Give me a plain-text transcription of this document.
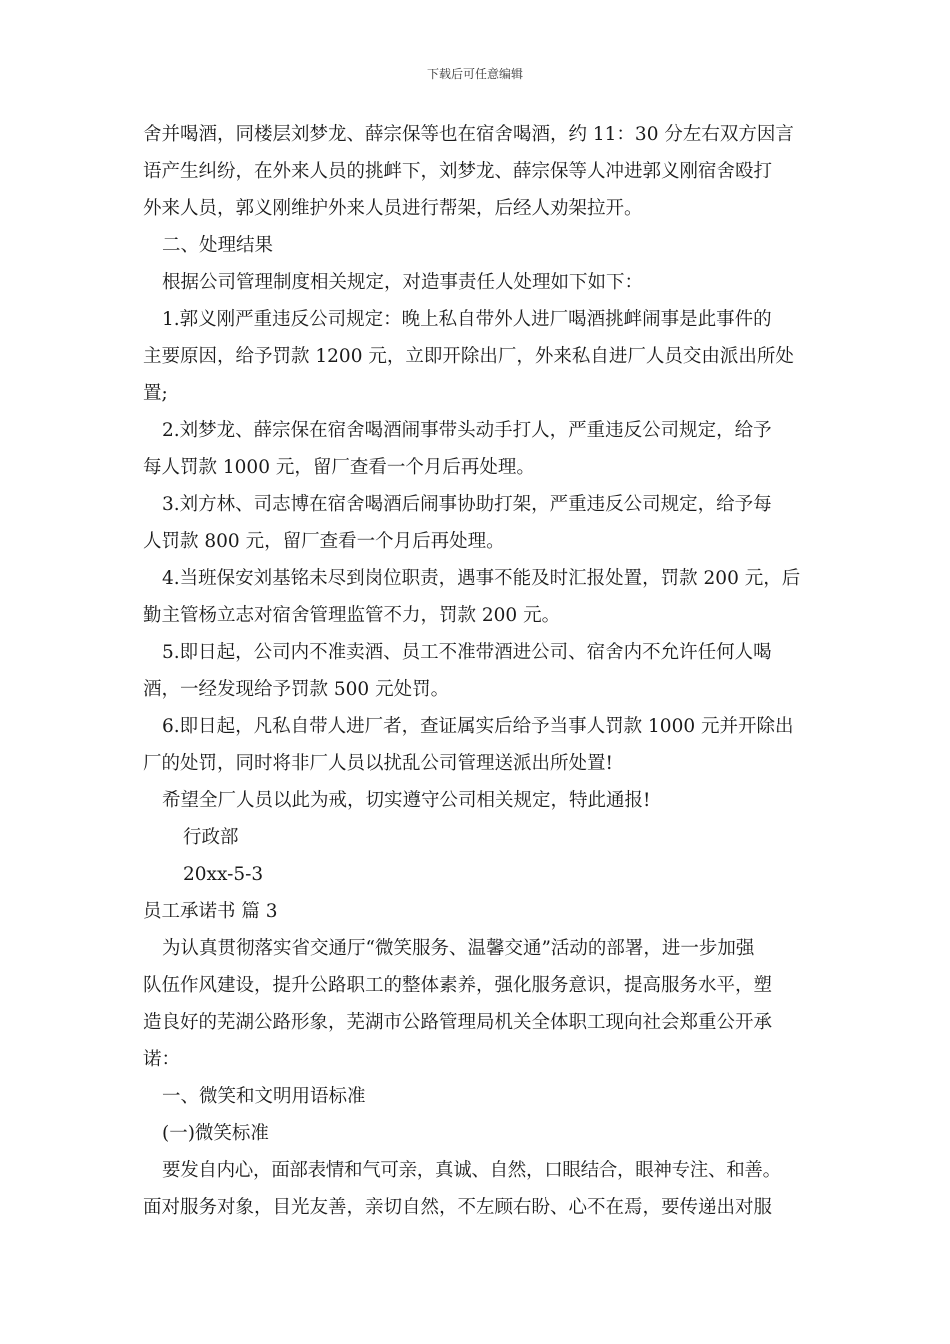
下载后可任意编辑
舍并喝酒，同楼层刘梦龙、薛宗保等也在宿舍喝酒，约 11：30 分左右双方因言
语产生纠纷，在外来人员的挑衅下，刘梦龙、薛宗保等人冲进郭义刚宿舍殴打
外来人员，郭义刚维护外来人员进行帮架，后经人劝架拉开。
二、处理结果
根据公司管理制度相关规定，对造事责任人处理如下如下：
1.郭义刚严重违反公司规定：晚上私自带外人进厂喝酒挑衅闹事是此事件的
主要原因，给予罚款 1200 元，立即开除出厂，外来私自进厂人员交由派出所处
置;
2.刘梦龙、薛宗保在宿舍喝酒闹事带头动手打人，严重违反公司规定，给予
每人罚款 1000 元，留厂查看一个月后再处理。
3.刘方林、司志博在宿舍喝酒后闹事协助打架，严重违反公司规定，给予每
人罚款 800 元，留厂查看一个月后再处理。
4.当班保安刘基铭未尽到岗位职责，遇事不能及时汇报处置，罚款 200 元，后
勤主管杨立志对宿舍管理监管不力，罚款 200 元。
5.即日起，公司内不准卖酒、员工不准带酒进公司、宿舍内不允许任何人喝
酒，一经发现给予罚款 500 元处罚。
6.即日起，凡私自带人进厂者，查证属实后给予当事人罚款 1000 元并开除出
厂的处罚，同时将非厂人员以扰乱公司管理送派出所处置!
希望全厂人员以此为戒，切实遵守公司相关规定，特此通报!
行政部
20xx-5-3
员工承诺书 篇 3
为认真贯彻落实省交通厅“微笑服务、温馨交通”活动的部署，进一步加强
队伍作风建设，提升公路职工的整体素养，强化服务意识，提高服务水平，塑
造良好的芜湖公路形象，芜湖市公路管理局机关全体职工现向社会郑重公开承
诺：
一、微笑和文明用语标准
(一)微笑标准
要发自内心，面部表情和气可亲，真诚、自然，口眼结合，眼神专注、和善。
面对服务对象，目光友善，亲切自然，不左顾右盼、心不在焉，要传递出对服
